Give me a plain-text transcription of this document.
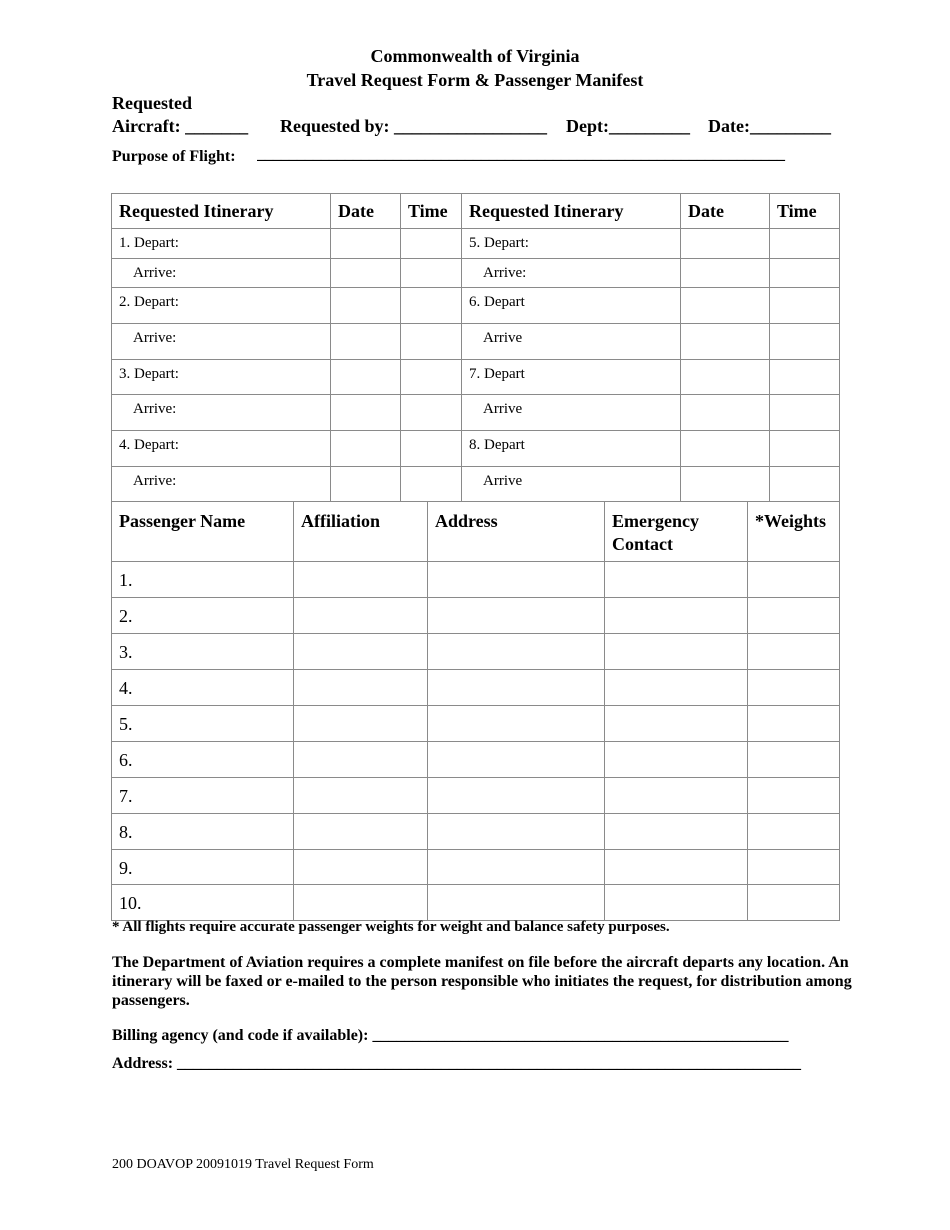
Commonwealth of Virginia
Travel Request Form & Passenger Manifest
Requested
Aircraft: _______ Requested by: _________________ Dept:_________ Date:_________
Purpose of Flight: __________________________________________________________________
Requested Itinerary	Date	Time	Requested Itinerary	Date	Time
1. Depart:			5. Depart:		
Arrive:			Arrive:		
2. Depart:			6. Depart		
Arrive:			Arrive		
3. Depart:			7. Depart		
Arrive:			Arrive		
4. Depart:			8. Depart		
Arrive:			Arrive		
Passenger Name	Affiliation	Address	Emergency Contact	*Weights
1.				
2.				
3.				
4.				
5.				
6.				
7.				
8.				
9.				
10.				
* All flights require accurate passenger weights for weight and balance safety purposes.
The Department of Aviation requires a complete manifest on file before the aircraft departs any location. An itinerary will be faxed or e-mailed to the person responsible who initiates the request, for distribution among passengers.
Billing agency (and code if available): ____________________________________________________
Address: ______________________________________________________________________________
200 DOAVOP 20091019 Travel Request Form
